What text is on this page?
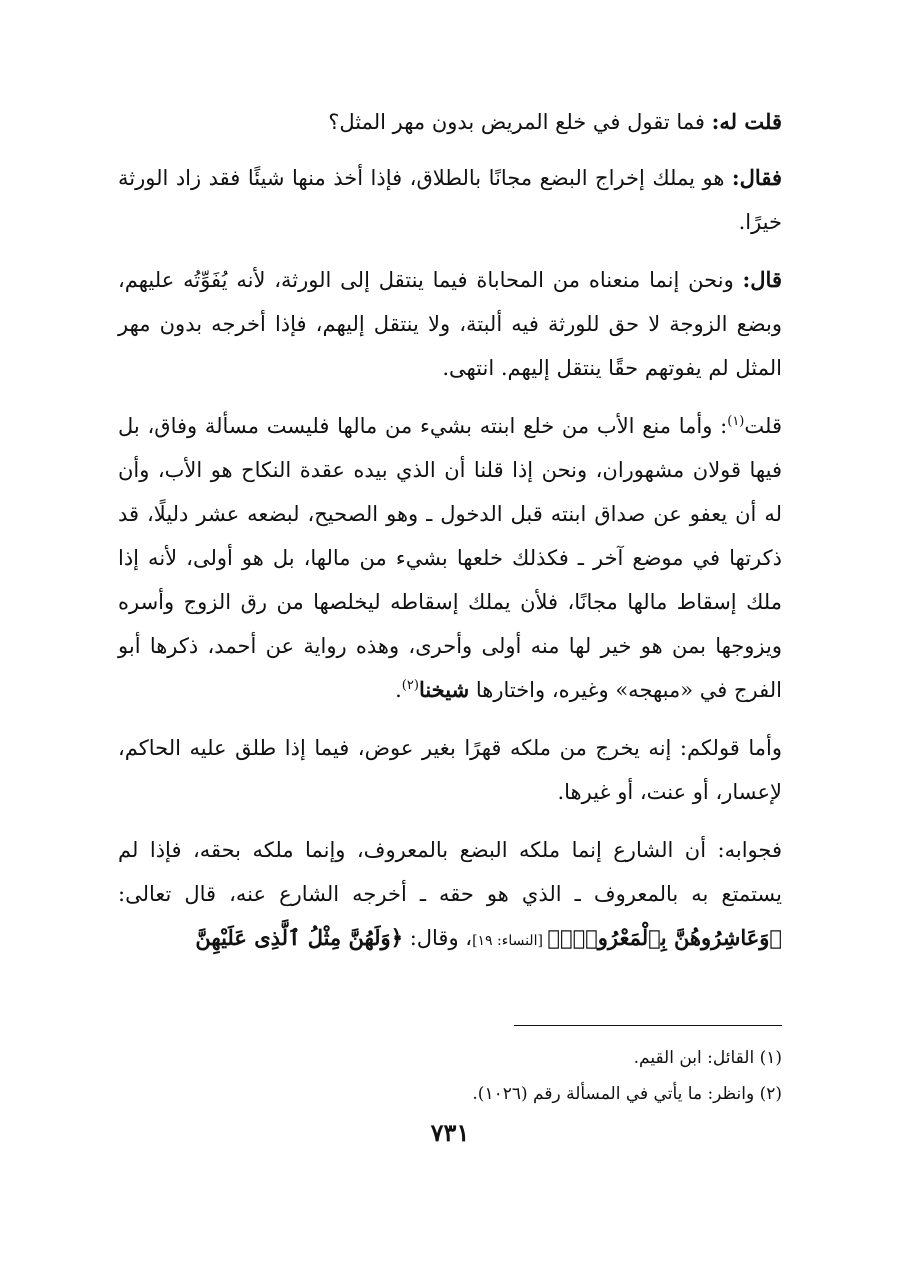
قلت له: فما تقول في خلع المريض بدون مهر المثل؟

فقال: هو يملك إخراج البضع مجانًا بالطلاق، فإذا أخذ منها شيئًا فقد زاد الورثة خيرًا.

قال: ونحن إنما منعناه من المحاباة فيما ينتقل إلى الورثة، لأنه يُفَوِّتُه عليهم، وبضع الزوجة لا حق للورثة فيه ألبتة، ولا ينتقل إليهم، فإذا أخرجه بدون مهر المثل لم يفوتهم حقًا ينتقل إليهم. انتهى.

قلت$^{(١)}$: وأما منع الأب من خلع ابنته بشيء من مالها فليست مسألة وفاق، بل فيها قولان مشهوران، ونحن إذا قلنا أن الذي بيده عقدة النكاح هو الأب، وأن له أن يعفو عن صداق ابنته قبل الدخول ـ وهو الصحيح، لبضعه عشر دليلًا، قد ذكرتها في موضع آخر ـ فكذلك خلعها بشيء من مالها، بل هو أولى، لأنه إذا ملك إسقاط مالها مجانًا، فلأن يملك إسقاطه ليخلصها من رق الزوج وأسره ويزوجها بمن هو خير لها منه أولى وأحرى، وهذه رواية عن أحمد، ذكرها أبو الفرج في «مبهجه» وغيره، واختارها شيخنا$^{(٢)}$.

وأما قولكم: إنه يخرج من ملكه قهرًا بغير عوض، فيما إذا طلق عليه الحاكم، لإعسار، أو عنت، أو غيرها.

فجوابه: أن الشارع إنما ملكه البضع بالمعروف، وإنما ملكه بحقه، فإذا لم يستمتع به بالمعروف ـ الذي هو حقه ـ أخرجه الشارع عنه، قال تعالى: ﴿وَعَاشِرُوهُنَّ بِٱلْمَعْرُوفِۚ﴾ [النساء: ١٩]، وقال: ﴿وَلَهُنَّ مِثْلُ ٱلَّذِى عَلَيْهِنَّ

(١) القائل: ابن القيم.

(٢) وانظر: ما يأتي في المسألة رقم (١٠٢٦).

٧٣١
